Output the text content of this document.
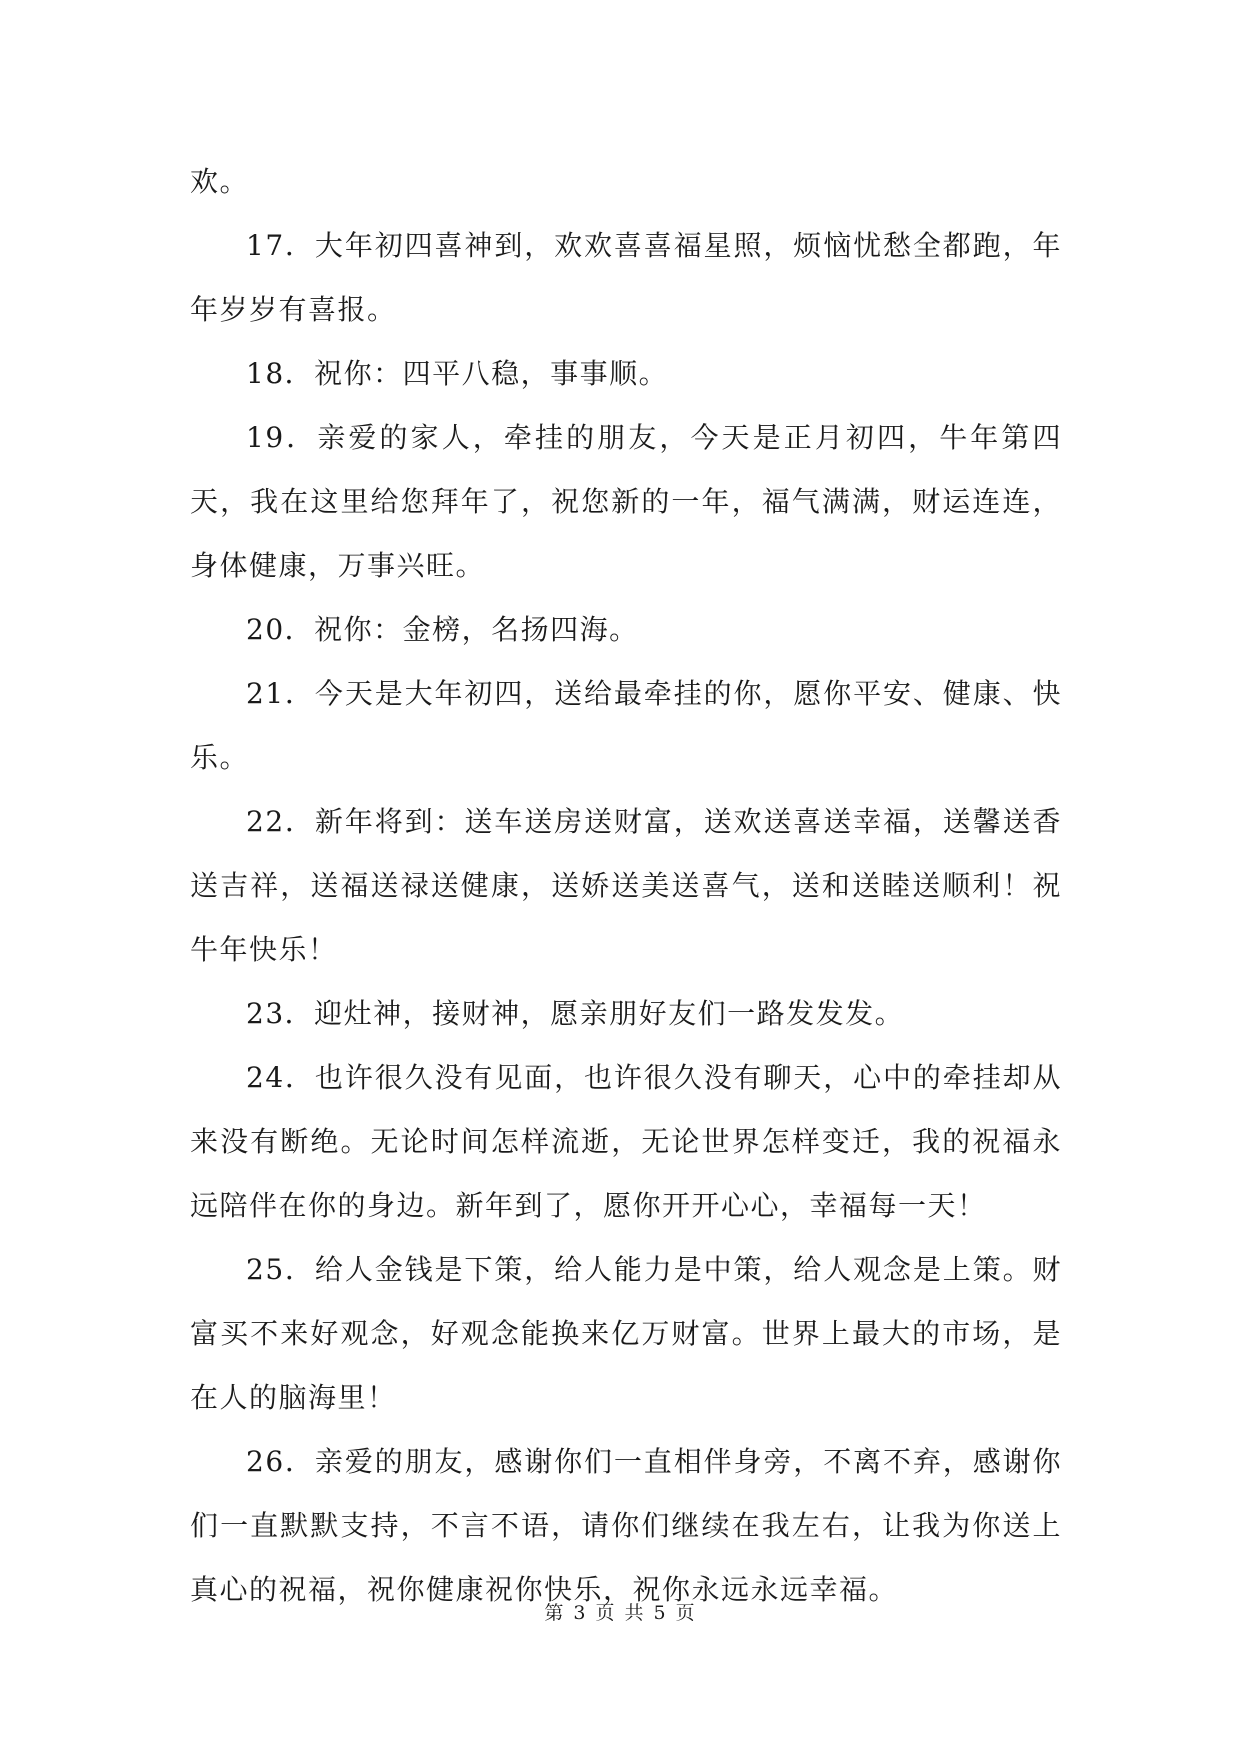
欢。

17．大年初四喜神到，欢欢喜喜福星照，烦恼忧愁全都跑，年年岁岁有喜报。

18．祝你：四平八稳，事事顺。

19．亲爱的家人，牵挂的朋友，今天是正月初四，牛年第四天，我在这里给您拜年了，祝您新的一年，福气满满，财运连连，身体健康，万事兴旺。

20．祝你：金榜，名扬四海。

21．今天是大年初四，送给最牵挂的你，愿你平安、健康、快乐。

22．新年将到：送车送房送财富，送欢送喜送幸福，送馨送香送吉祥，送福送禄送健康，送娇送美送喜气，送和送睦送顺利！祝牛年快乐！

23．迎灶神，接财神，愿亲朋好友们一路发发发。

24．也许很久没有见面，也许很久没有聊天，心中的牵挂却从来没有断绝。无论时间怎样流逝，无论世界怎样变迁，我的祝福永远陪伴在你的身边。新年到了，愿你开开心心，幸福每一天！

25．给人金钱是下策，给人能力是中策，给人观念是上策。财富买不来好观念，好观念能换来亿万财富。世界上最大的市场，是在人的脑海里！

26．亲爱的朋友，感谢你们一直相伴身旁，不离不弃，感谢你们一直默默支持，不言不语，请你们继续在我左右，让我为你送上真心的祝福，祝你健康祝你快乐，祝你永远永远幸福。

第 3 页 共 5 页
